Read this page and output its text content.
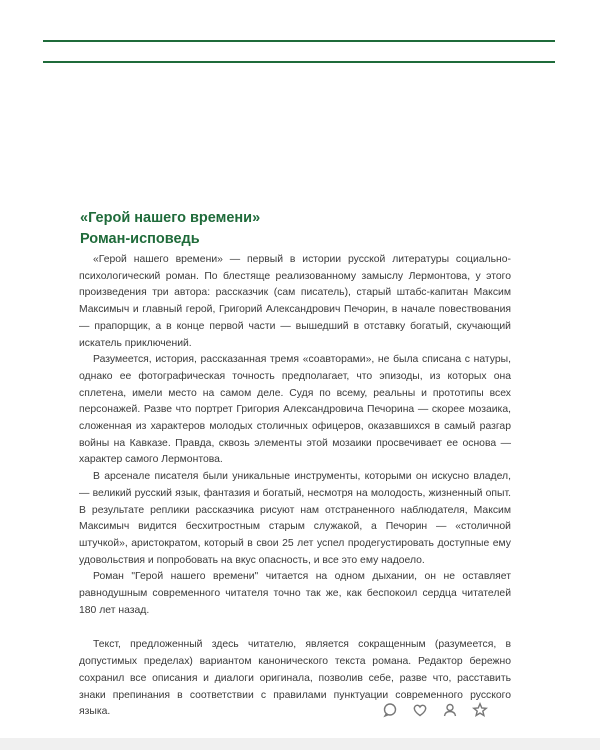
«Герой нашего времени»
Роман-исповедь

«Герой нашего времени» — первый в истории русской литературы социально-психологический роман. По блестяще реализованному замыслу Лермонтова, у этого произведения три автора: рассказчик (сам писатель), старый штабс-капитан Максим Максимыч и главный герой, Григорий Александрович Печорин, в начале повествования — прапорщик, а в конце первой части — вышедший в отставку богатый, скучающий искатель приключений.

Разумеется, история, рассказанная тремя «соавторами», не была списана с натуры, однако ее фотографическая точность предполагает, что эпизоды, из которых она сплетена, имели место на самом деле. Судя по всему, реальны и прототипы всех персонажей. Разве что портрет Григория Александровича Печорина — скорее мозаика, сложенная из характеров молодых столичных офицеров, оказавшихся в самый разгар войны на Кавказе. Правда, сквозь элементы этой мозаики просвечивает ее основа — характер самого Лермонтова.

В арсенале писателя были уникальные инструменты, которыми он искусно владел, — великий русский язык, фантазия и богатый, несмотря на молодость, жизненный опыт. В результате реплики рассказчика рисуют нам отстраненного наблюдателя, Максим Максимыч видится бесхитростным старым служакой, а Печорин — «столичной штучкой», аристократом, который в свои 25 лет успел продегустировать доступные ему удовольствия и попробовать на вкус опасность, и все это ему надоело.

Роман "Герой нашего времени" читается на одном дыхании, он не оставляет равнодушным современного читателя точно так же, как беспокоил сердца читателей 180 лет назад.

Текст, предложенный здесь читателю, является сокращенным (разумеется, в допустимых пределах) вариантом канонического текста романа. Редактор бережно сохранил все описания и диалоги оригинала, позволив себе, разве что, расставить знаки препинания в соответствии с правилами пунктуации современного русского языка.
